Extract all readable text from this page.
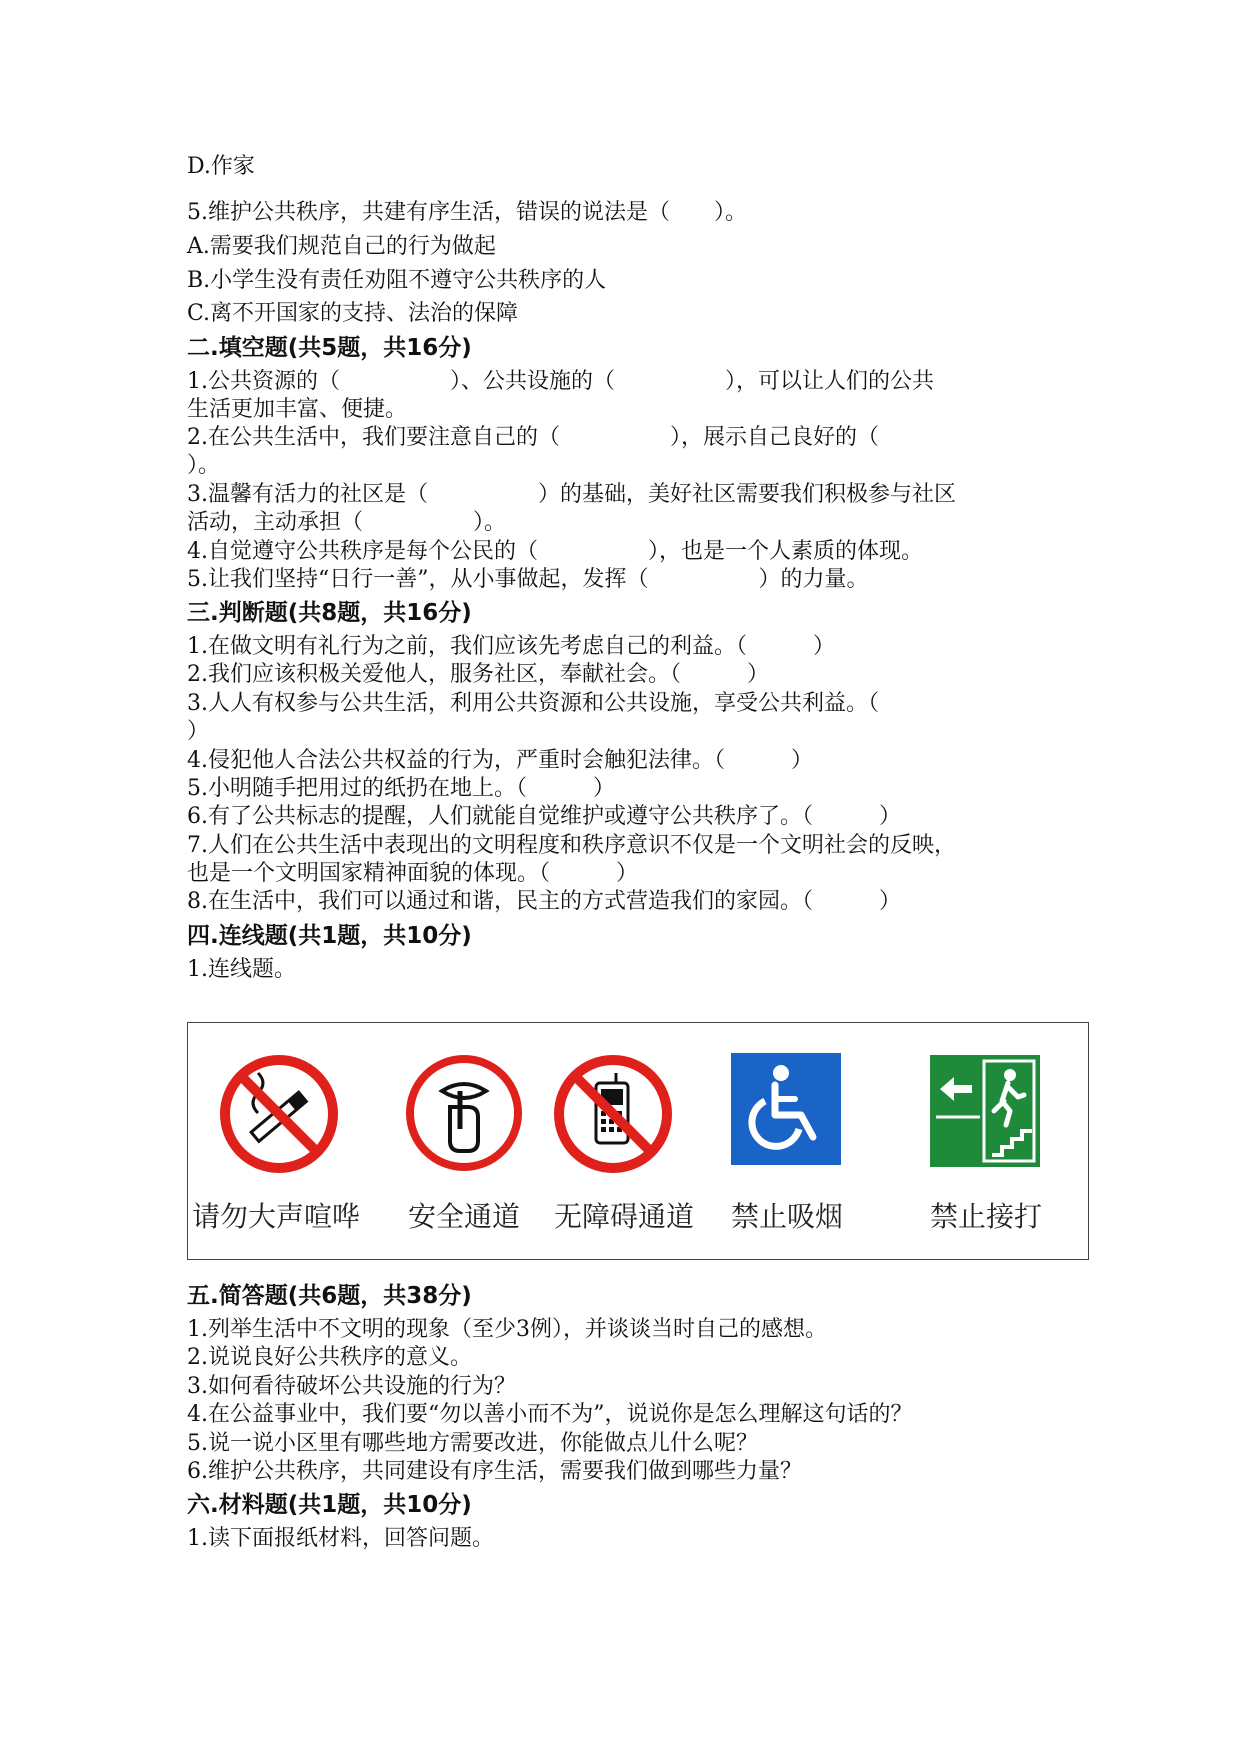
D.作家
5.维护公共秩序，共建有序生活，错误的说法是（　　）。
A.需要我们规范自己的行为做起
B.小学生没有责任劝阻不遵守公共秩序的人
C.离不开国家的支持、法治的保障
二.填空题(共5题，共16分)
1.公共资源的（　　　　　）、公共设施的（　　　　　），可以让人们的公共
生活更加丰富、便捷。
2.在公共生活中，我们要注意自己的（　　　　　），展示自己良好的（
）。
3.温馨有活力的社区是（　　　　　）的基础，美好社区需要我们积极参与社区
活动，主动承担（　　　　　）。
4.自觉遵守公共秩序是每个公民的（　　　　　），也是一个人素质的体现。
5.让我们坚持“日行一善”，从小事做起，发挥（　　　　　）的力量。
三.判断题(共8题，共16分)
1.在做文明有礼行为之前，我们应该先考虑自己的利益。（　　　）
2.我们应该积极关爱他人，服务社区，奉献社会。（　　　）
3.人人有权参与公共生活，利用公共资源和公共设施，享受公共利益。（
）
4.侵犯他人合法公共权益的行为，严重时会触犯法律。（　　　）
5.小明随手把用过的纸扔在地上。（　　　）
6.有了公共标志的提醒，人们就能自觉维护或遵守公共秩序了。（　　　）
7.人们在公共生活中表现出的文明程度和秩序意识不仅是一个文明社会的反映，
也是一个文明国家精神面貌的体现。（　　　）
8.在生活中，我们可以通过和谐，民主的方式营造我们的家园。（　　　）
四.连线题(共1题，共10分)
1.连线题。
请勿大声喧哗 安全通道 无障碍通道 禁止吸烟	禁止接打
五.简答题(共6题，共38分)
1.列举生活中不文明的现象（至少3例），并谈谈当时自己的感想。
2.说说良好公共秩序的意义。
3.如何看待破坏公共设施的行为？
4.在公益事业中，我们要“勿以善小而不为”，说说你是怎么理解这句话的？
5.说一说小区里有哪些地方需要改进，你能做点儿什么呢？
6.维护公共秩序，共同建设有序生活，需要我们做到哪些力量？
六.材料题(共1题，共10分)
1.读下面报纸材料，回答问题。
